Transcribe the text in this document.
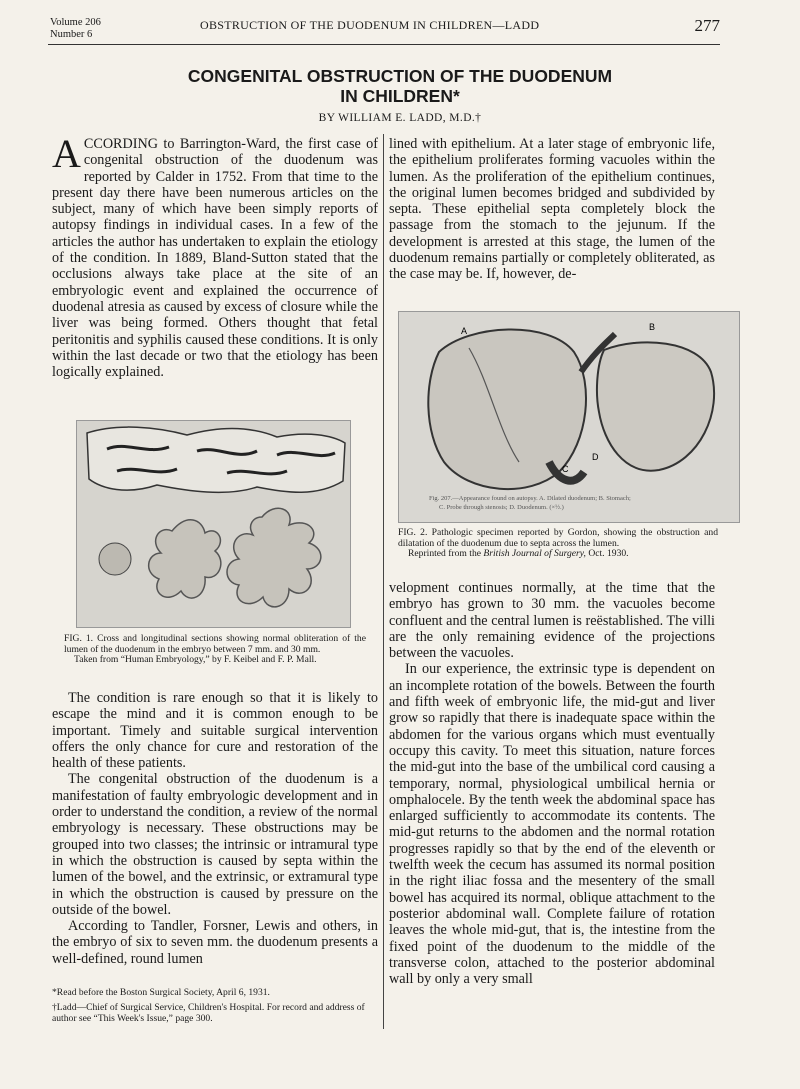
Volume 206
Number 6
OBSTRUCTION OF THE DUODENUM IN CHILDREN—LADD	277
CONGENITAL OBSTRUCTION OF THE DUODENUM
IN CHILDREN*
BY WILLIAM E. LADD, M.D.†

ACCORDING to Barrington-Ward, the first case of congenital obstruction of the duodenum was reported by Calder in 1752. From that time to the present day there have been numerous articles on the subject, many of which have been simply reports of autopsy findings in individual cases. In a few of the articles the author has undertaken to explain the etiology of the condition. In 1889, Bland-Sutton stated that the occlusions always take place at the site of an embryologic event and explained the occurrence of duodenal atresia as caused by excess of closure while the liver was being formed. Others thought that fetal peritonitis and syphilis caused these conditions. It is only within the last decade or two that the etiology has been logically explained.

FIG. 1. Cross and longitudinal sections showing normal obliteration of the lumen of the duodenum in the embryo between 7 mm. and 30 mm.
Taken from “Human Embryology,” by F. Keibel and F. P. Mall.

The condition is rare enough so that it is likely to escape the mind and it is common enough to be important. Timely and suitable surgical intervention offers the only chance for cure and restoration of the health of these patients.

The congenital obstruction of the duodenum is a manifestation of faulty embryologic development and in order to understand the condition, a review of the normal embryology is necessary. These obstructions may be grouped into two classes; the intrinsic or intramural type in which the obstruction is caused by septa within the lumen of the bowel, and the extrinsic, or extramural type in which the obstruction is caused by pressure on the outside of the bowel.

According to Tandler, Forsner, Lewis and others, in the embryo of six to seven mm. the duodenum presents a well-defined, round lumen

*Read before the Boston Surgical Society, April 6, 1931.

†Ladd—Chief of Surgical Service, Children's Hospital. For record and address of author see “This Week's Issue,” page 300.

lined with epithelium. At a later stage of embryonic life, the epithelium proliferates forming vacuoles within the lumen. As the proliferation of the epithelium continues, the original lumen becomes bridged and subdivided by septa. These epithelial septa completely block the passage from the stomach to the jejunum. If the development is arrested at this stage, the lumen of the duodenum remains partially or completely obliterated, as the case may be. If, however, de-

A	B
C
D
Fig. 207.—Appearance found on autopsy. A. Dilated duodenum; B. Stomach;
C. Probe through stenosis; D. Duodenum. (×½.)
FIG. 2. Pathologic specimen reported by Gordon, showing the obstruction and dilatation of the duodenum due to septa across the lumen.
Reprinted from the British Journal of Surgery, Oct. 1930.

velopment continues normally, at the time that the embryo has grown to 30 mm. the vacuoles become confluent and the central lumen is reëstablished. The villi are the only remaining evidence of the projections between the vacuoles.

In our experience, the extrinsic type is dependent on an incomplete rotation of the bowels. Between the fourth and fifth week of embryonic life, the mid-gut and liver grow so rapidly that there is inadequate space within the abdomen for the various organs which must eventually occupy this cavity. To meet this situation, nature forces the mid-gut into the base of the umbilical cord causing a temporary, normal, physiological umbilical hernia or omphalocele. By the tenth week the abdominal space has enlarged sufficiently to accommodate its contents. The mid-gut returns to the abdomen and the normal rotation progresses rapidly so that by the end of the eleventh or twelfth week the cecum has assumed its normal position in the right iliac fossa and the mesentery of the small bowel has acquired its normal, oblique attachment to the posterior abdominal wall. Complete failure of rotation leaves the whole mid-gut, that is, the intestine from the fixed point of the duodenum to the middle of the transverse colon, attached to the posterior abdominal wall by only a very small
